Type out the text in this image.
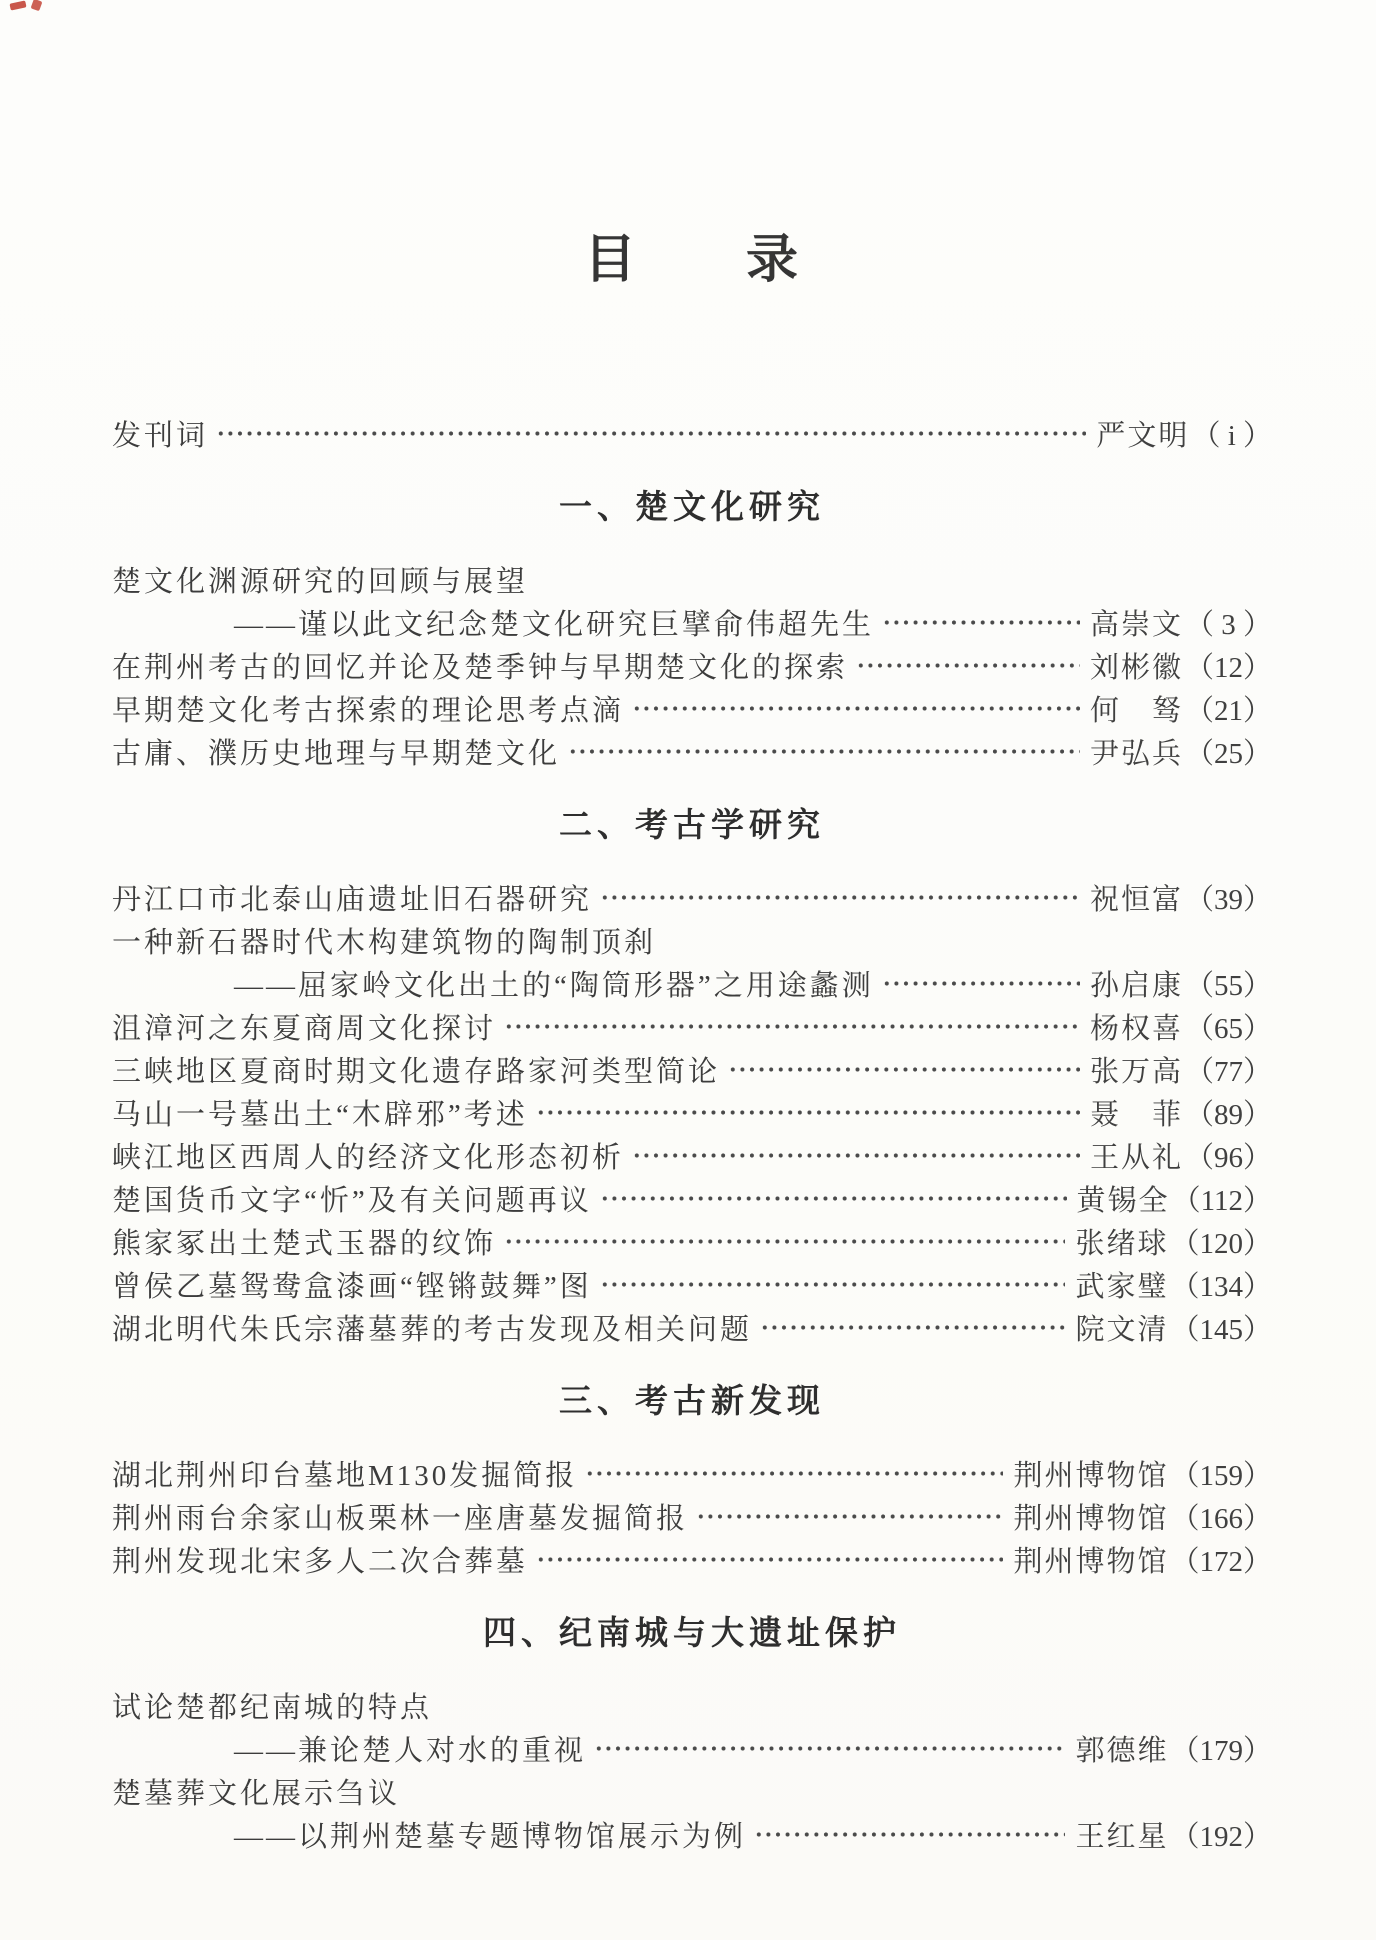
目　　录
发刊词	严文明 （ i ）
一、楚文化研究
楚文化渊源研究的回顾与展望
——谨以此文纪念楚文化研究巨擘俞伟超先生	高崇文 （ 3 ）
在荆州考古的回忆并论及楚季钟与早期楚文化的探索	刘彬徽 （12）
早期楚文化考古探索的理论思考点滴	何　驽 （21）
古庸、濮历史地理与早期楚文化	尹弘兵 （25）
二、考古学研究
丹江口市北泰山庙遗址旧石器研究	祝恒富 （39）
一种新石器时代木构建筑物的陶制顶刹
——屈家岭文化出土的“陶筒形器”之用途蠡测	孙启康 （55）
沮漳河之东夏商周文化探讨	杨权喜 （65）
三峡地区夏商时期文化遗存路家河类型简论	张万高 （77）
马山一号墓出土“木辟邪”考述	聂　菲 （89）
峡江地区西周人的经济文化形态初析	王从礼 （96）
楚国货币文字“忻”及有关问题再议	黄锡全 （112）
熊家冢出土楚式玉器的纹饰	张绪球 （120）
曾侯乙墓鸳鸯盒漆画“铿锵鼓舞”图	武家璧 （134）
湖北明代朱氏宗藩墓葬的考古发现及相关问题	院文清 （145）
三、考古新发现
湖北荆州印台墓地M130发掘简报	荆州博物馆 （159）
荆州雨台余家山板栗林一座唐墓发掘简报	荆州博物馆 （166）
荆州发现北宋多人二次合葬墓	荆州博物馆 （172）
四、纪南城与大遗址保护
试论楚都纪南城的特点
——兼论楚人对水的重视	郭德维 （179）
楚墓葬文化展示刍议
——以荆州楚墓专题博物馆展示为例	王红星 （192）
